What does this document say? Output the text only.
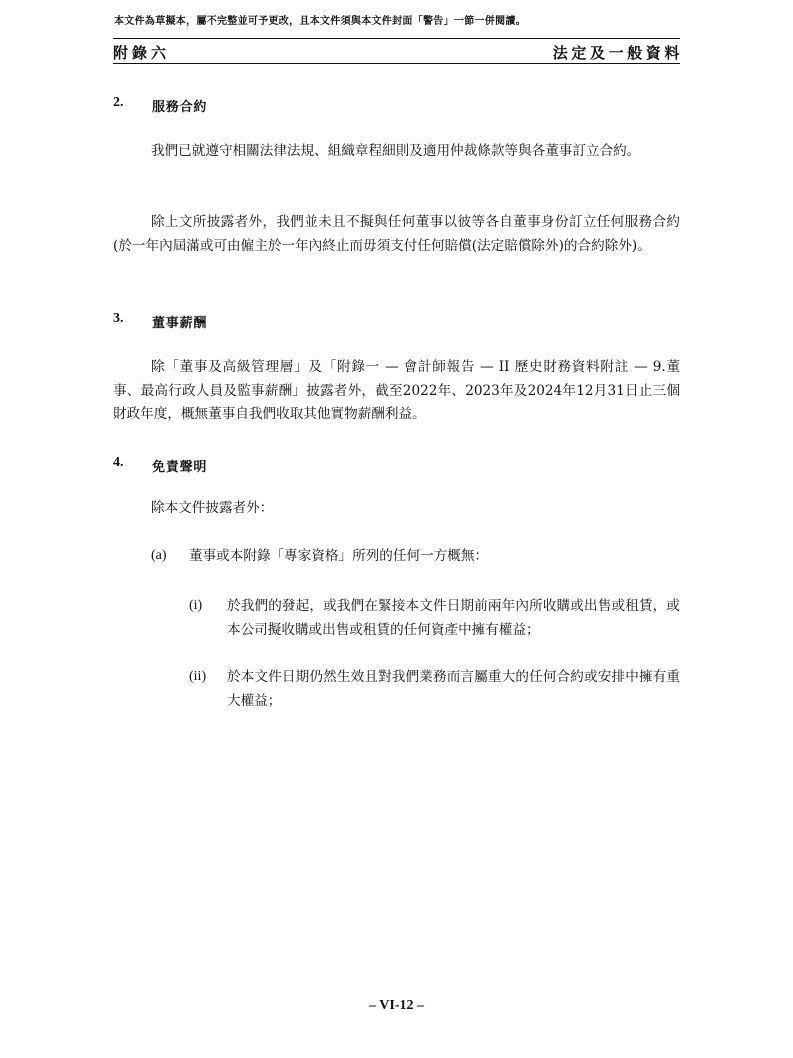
本文件為草擬本，屬不完整並可予更改，且本文件須與本文件封面「警告」一節一併閱讀。
附錄六	法定及一般資料
2. 服務合約

我們已就遵守相關法律法規、組織章程細則及適用仲裁條款等與各董事訂立合約。

除上文所披露者外，我們並未且不擬與任何董事以彼等各自董事身份訂立任何服務合約(於一年內屆滿或可由僱主於一年內終止而毋須支付任何賠償(法定賠償除外)的合約除外)。

3. 董事薪酬

除「董事及高級管理層」及「附錄一 — 會計師報告 — II 歷史財務資料附註 — 9.董事、最高行政人員及監事薪酬」披露者外，截至2022年、2023年及2024年12月31日止三個財政年度，概無董事自我們收取其他實物薪酬利益。

4. 免責聲明

除本文件披露者外：

(a) 董事或本附錄「專家資格」所列的任何一方概無：

(i) 於我們的發起，或我們在緊接本文件日期前兩年內所收購或出售或租賃，或本公司擬收購或出售或租賃的任何資產中擁有權益；

(ii) 於本文件日期仍然生效且對我們業務而言屬重大的任何合約或安排中擁有重大權益；

– VI-12 –
